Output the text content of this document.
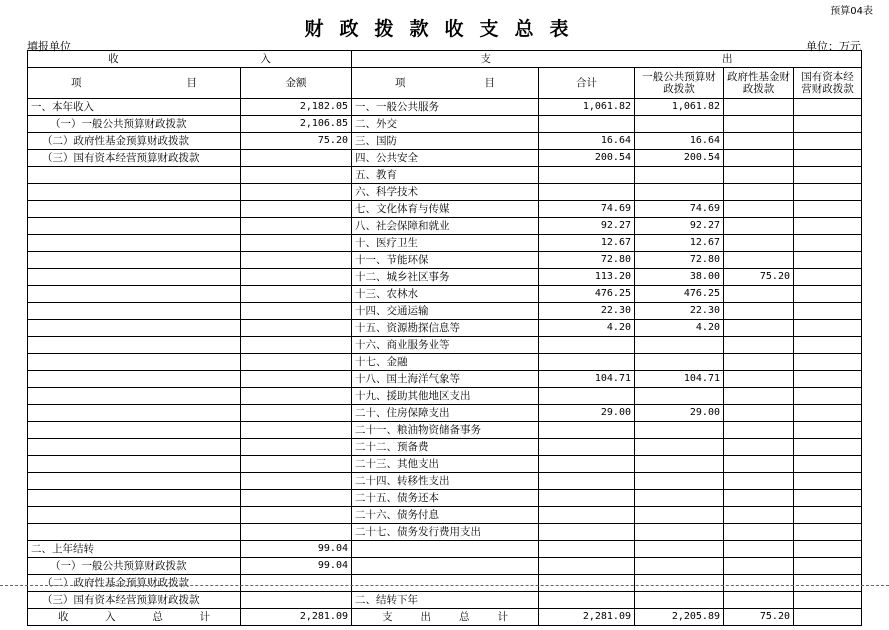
预算04表
财政拨款收支总表
填报单位	单位：万元
收 入		支 出				

项 目	金额	项 目	合计	一般公共预算财政拨款	政府性基金财政拨款	国有资本经营财政拨款
一、本年收入	2,182.05	一、一般公共服务	1,061.82	1,061.82		
（一）一般公共预算财政拨款	2,106.85	二、外交				
（二）政府性基金预算财政拨款	75.20	三、国防	16.64	16.64		
（三）国有资本经营预算财政拨款		四、公共安全	200.54	200.54		
		五、教育				
		六、科学技术				
		七、文化体育与传媒	74.69	74.69		
		八、社会保障和就业	92.27	92.27		
		十、医疗卫生	12.67	12.67		
		十一、节能环保	72.80	72.80		
		十二、城乡社区事务	113.20	38.00	75.20	
		十三、农林水	476.25	476.25		
		十四、交通运输	22.30	22.30		
		十五、资源勘探信息等	4.20	4.20		
		十六、商业服务业等				
		十七、金融				
		十八、国土海洋气象等	104.71	104.71		
		十九、援助其他地区支出				
		二十、住房保障支出	29.00	29.00		
		二十一、粮油物资储备事务				
		二十二、预备费				
		二十三、其他支出				
		二十四、转移性支出				
		二十五、债务还本				
		二十六、债务付息				
		二十七、债务发行费用支出				
二、上年结转	99.04					
（一）一般公共预算财政拨款	99.04					
（二）政府性基金预算财政拨款						
（三）国有资本经营预算财政拨款		二、结转下年				
收入总计	2,281.09	支出总计	2,281.09	2,205.89	75.20	
